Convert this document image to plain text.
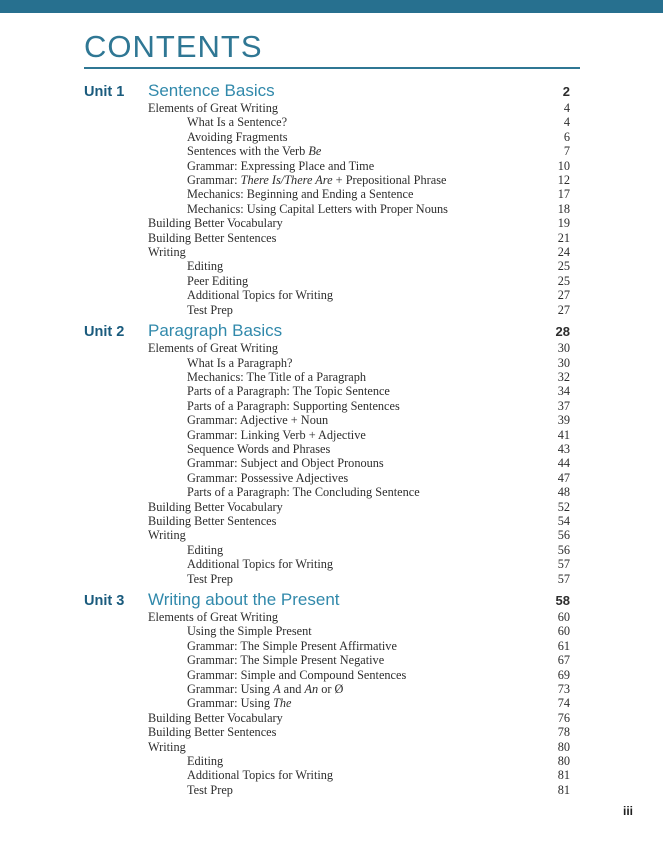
CONTENTS
Unit 1	Sentence Basics	2
Elements of Great Writing	4
What Is a Sentence?	4
Avoiding Fragments	6
Sentences with the Verb Be	7
Grammar: Expressing Place and Time	10
Grammar: There Is/There Are + Prepositional Phrase	12
Mechanics: Beginning and Ending a Sentence	17
Mechanics: Using Capital Letters with Proper Nouns	18
Building Better Vocabulary	19
Building Better Sentences	21
Writing	24
Editing	25
Peer Editing	25
Additional Topics for Writing	27
Test Prep	27
Unit 2	Paragraph Basics	28
Elements of Great Writing	30
What Is a Paragraph?	30
Mechanics: The Title of a Paragraph	32
Parts of a Paragraph: The Topic Sentence	34
Parts of a Paragraph: Supporting Sentences	37
Grammar: Adjective + Noun	39
Grammar: Linking Verb + Adjective	41
Sequence Words and Phrases	43
Grammar: Subject and Object Pronouns	44
Grammar: Possessive Adjectives	47
Parts of a Paragraph: The Concluding Sentence	48
Building Better Vocabulary	52
Building Better Sentences	54
Writing	56
Editing	56
Additional Topics for Writing	57
Test Prep	57
Unit 3	Writing about the Present	58
Elements of Great Writing	60
Using the Simple Present	60
Grammar: The Simple Present Affirmative	61
Grammar: The Simple Present Negative	67
Grammar: Simple and Compound Sentences	69
Grammar: Using A and An or Ø	73
Grammar: Using The	74
Building Better Vocabulary	76
Building Better Sentences	78
Writing	80
Editing	80
Additional Topics for Writing	81
Test Prep	81
iii
